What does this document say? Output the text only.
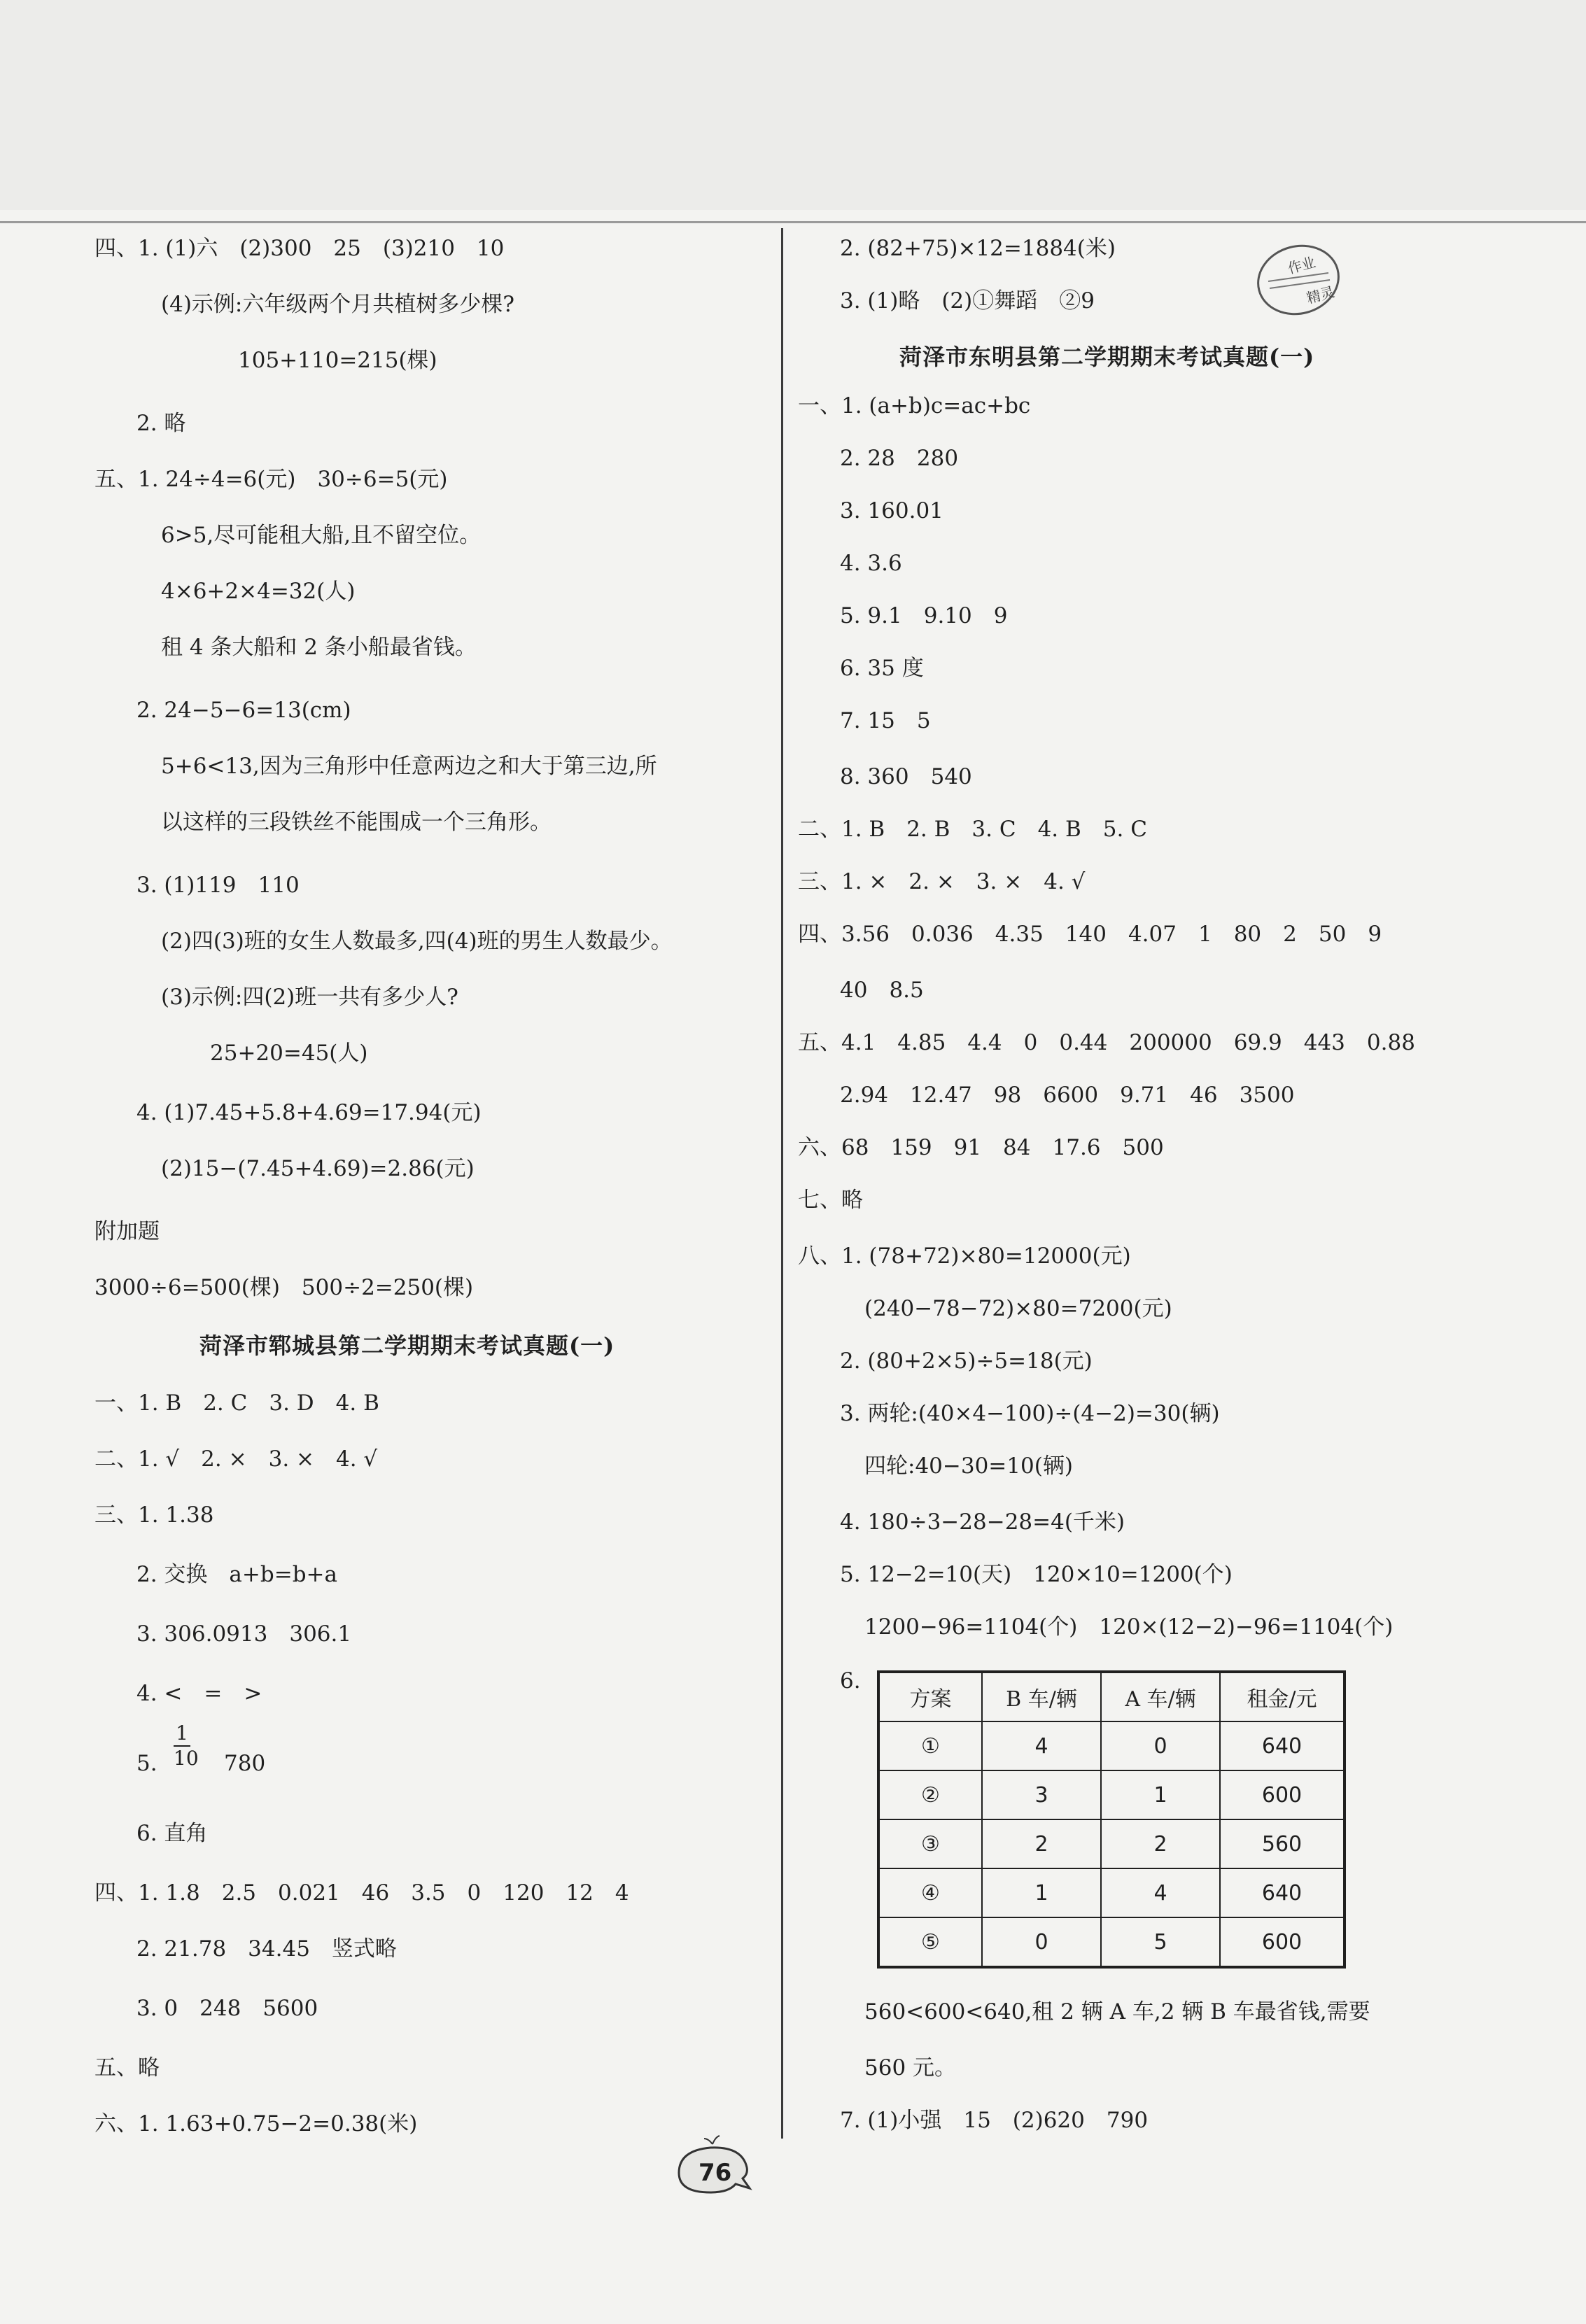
四、1. (1)六　(2)300　25　(3)210　10
(4)示例:六年级两个月共植树多少棵?
105+110=215(棵)
2. 略
五、1. 24÷4=6(元)　30÷6=5(元)
6>5,尽可能租大船,且不留空位。
4×6+2×4=32(人)
租 4 条大船和 2 条小船最省钱。
2. 24−5−6=13(cm)
5+6<13,因为三角形中任意两边之和大于第三边,所
以这样的三段铁丝不能围成一个三角形。
3. (1)119　110
(2)四(3)班的女生人数最多,四(4)班的男生人数最少。
(3)示例:四(2)班一共有多少人?
25+20=45(人)
4. (1)7.45+5.8+4.69=17.94(元)
(2)15−(7.45+4.69)=2.86(元)
附加题
3000÷6=500(棵)　500÷2=250(棵)
菏泽市郓城县第二学期期末考试真题(一)
一、1. B　2. C　3. D　4. B
二、1. √　2. ×　3. ×　4. √
三、1. 1.38
2. 交换　a+b=b+a
3. 306.0913　306.1
4. <　=　>
5.
1
10 780
6. 直角
四、1. 1.8　2.5　0.021　46　3.5　0　120　12　4
2. 21.78　34.45　竖式略
3. 0　248　5600
五、略
六、1. 1.63+0.75−2=0.38(米)
2. (82+75)×12=1884(米)
3. (1)略　(2)①舞蹈　②9
菏泽市东明县第二学期期末考试真题(一)
一、1. (a+b)c=ac+bc
2. 28　280
3. 160.01
4. 3.6
5. 9.1　9.10　9
6. 35 度
7. 15　5
8. 360　540
二、1. B　2. B　3. C　4. B　5. C
三、1. ×　2. ×　3. ×　4. √
四、3.56　0.036　4.35　140　4.07　1　80　2　50　9
40　8.5
五、4.1　4.85　4.4　0　0.44　200000　69.9　443　0.88
2.94　12.47　98　6600　9.71　46　3500
六、68　159　91　84　17.6　500
七、略
八、1. (78+72)×80=12000(元)
(240−78−72)×80=7200(元)
2. (80+2×5)÷5=18(元)
3. 两轮:(40×4−100)÷(4−2)=30(辆)
四轮:40−30=10(辆)
4. 180÷3−28−28=4(千米)
5. 12−2=10(天)　120×10=1200(个)
1200−96=1104(个)　120×(12−2)−96=1104(个)
6.
方案	B 车/辆	A 车/辆	租金/元
①	4	0	640
②	3	1	600
③	2	2	560
④	1	4	640
⑤	0	5	600
560<600<640,租 2 辆 A 车,2 辆 B 车最省钱,需要
560 元。
7. (1)小强　15　(2)620　790
作业
精灵
76
